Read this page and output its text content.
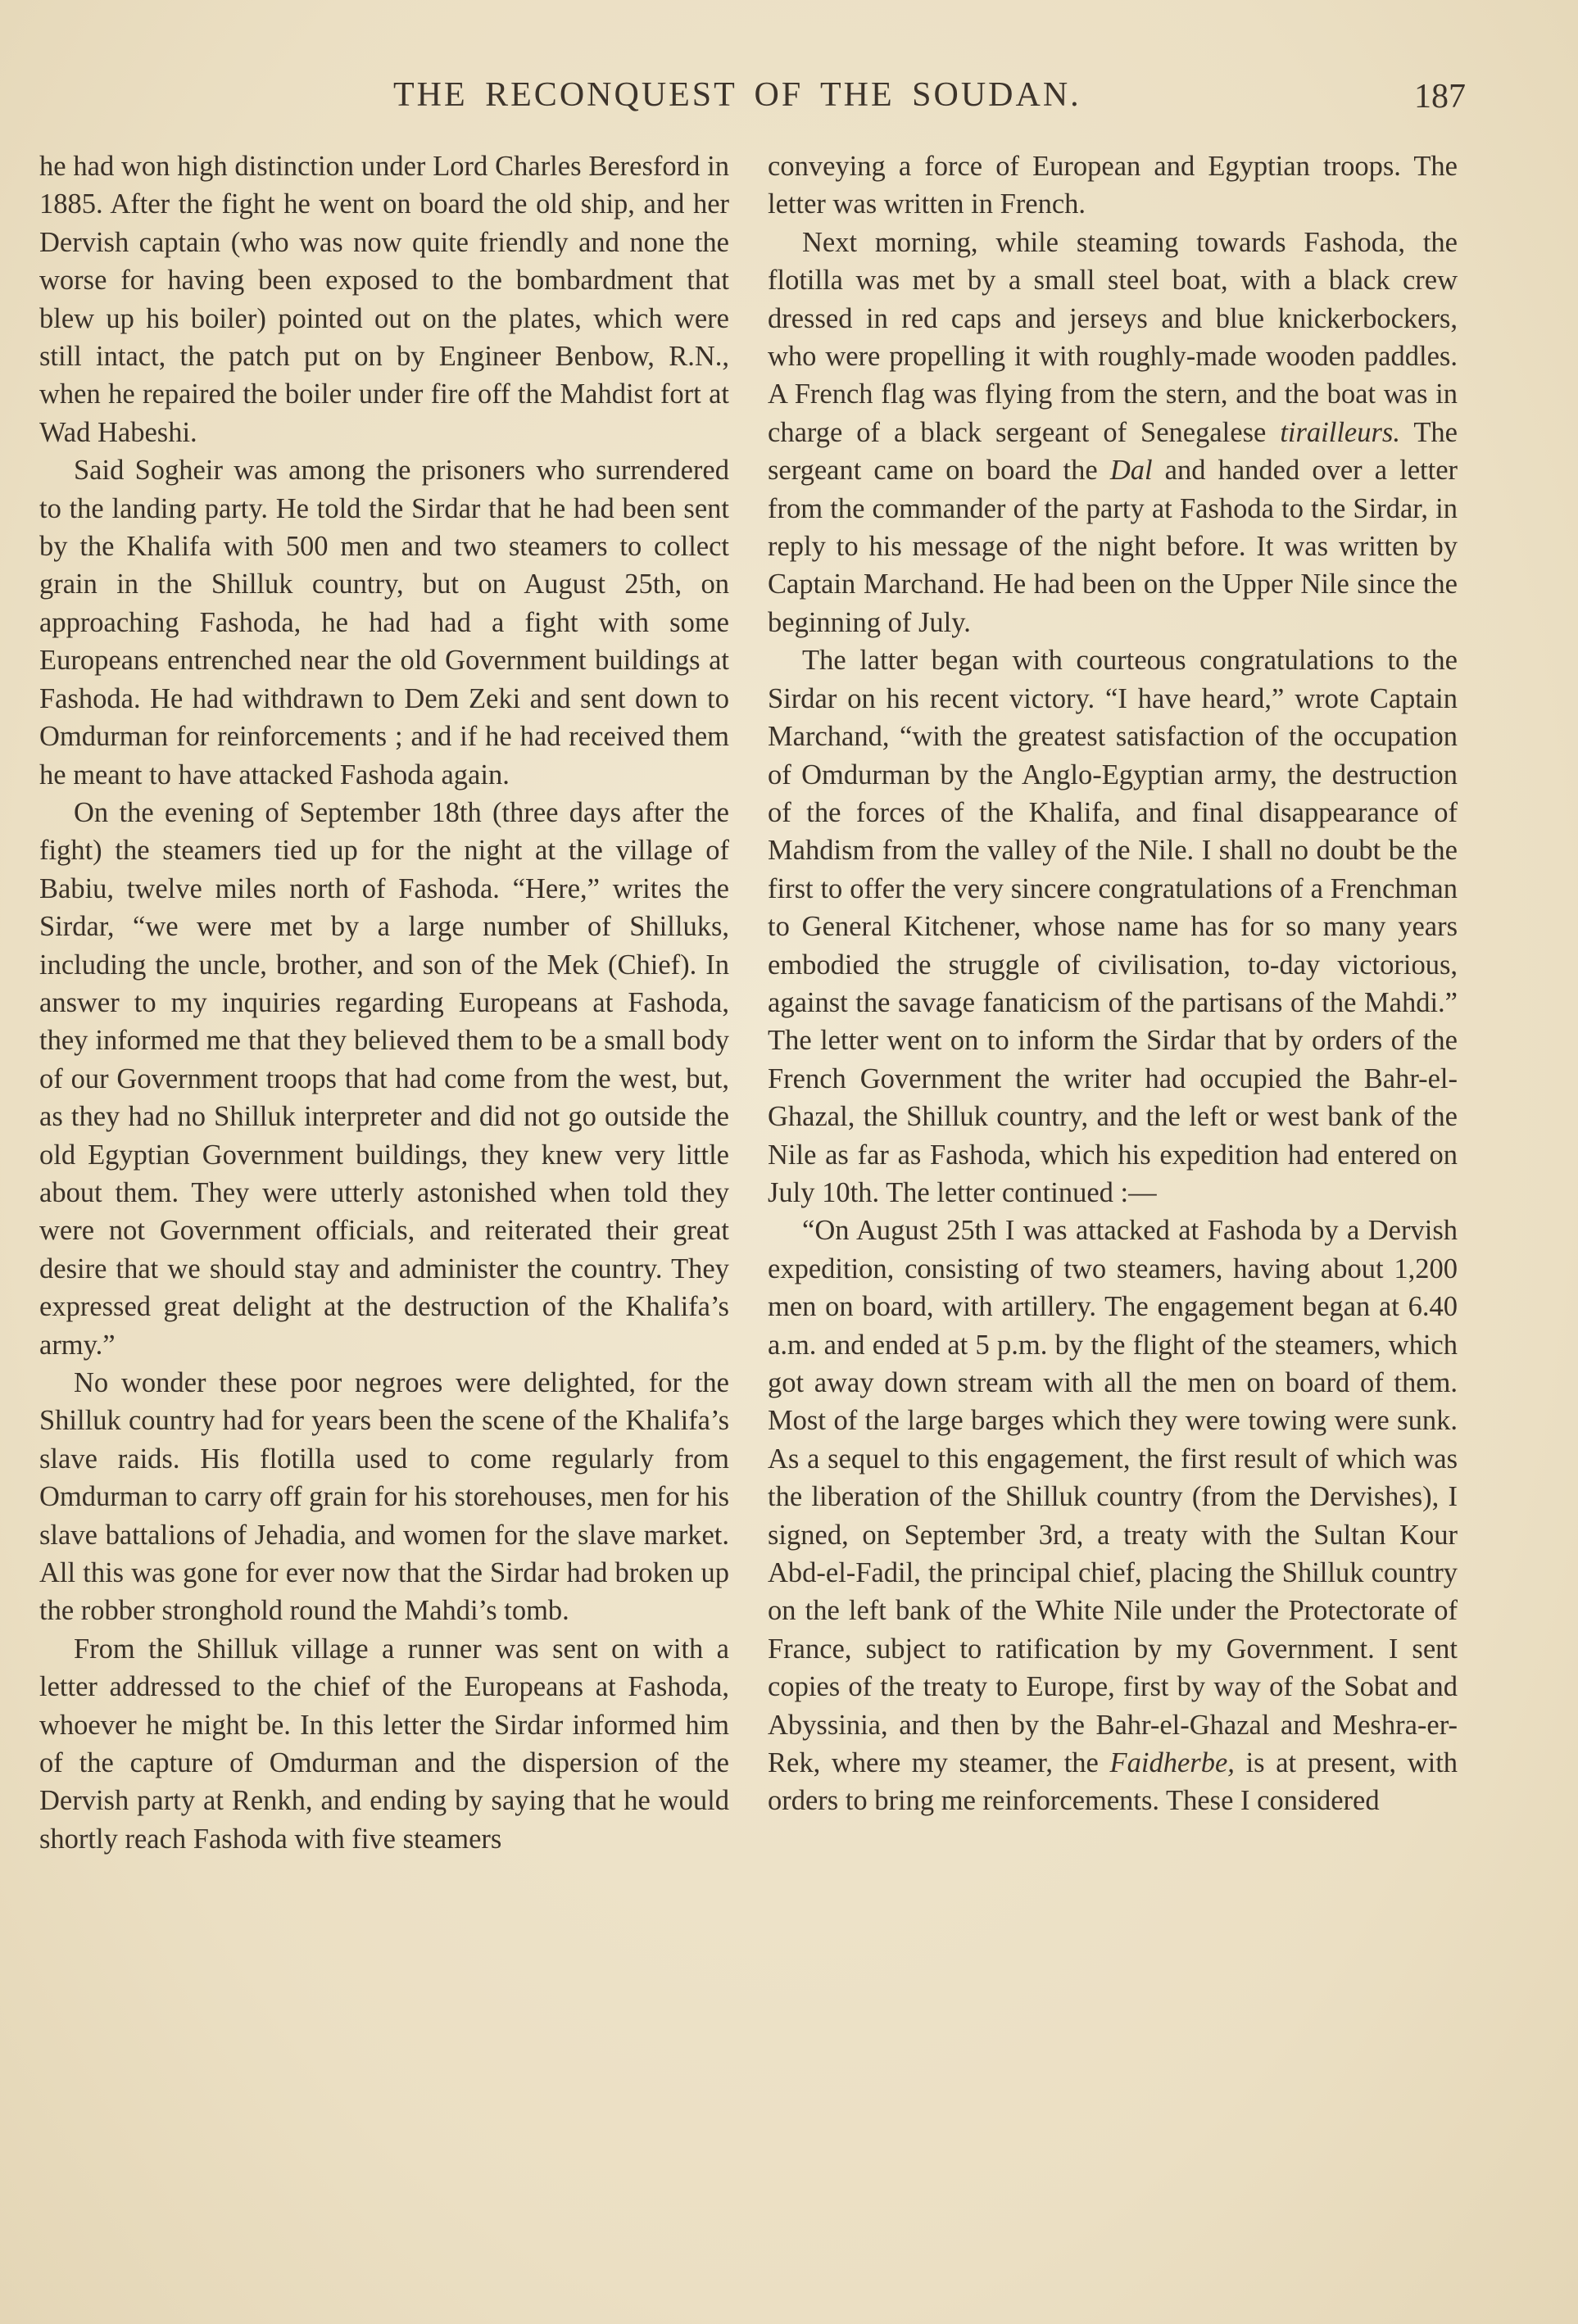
THE RECONQUEST OF THE SOUDAN.	187

he had won high distinction under Lord Charles Beresford in 1885. After the fight he went on board the old ship, and her Dervish captain (who was now quite friendly and none the worse for having been exposed to the bombardment that blew up his boiler) pointed out on the plates, which were still intact, the patch put on by Engineer Benbow, R.N., when he repaired the boiler under fire off the Mahdist fort at Wad Habeshi.

Said Sogheir was among the prisoners who surrendered to the landing party. He told the Sirdar that he had been sent by the Khalifa with 500 men and two steamers to collect grain in the Shilluk country, but on August 25th, on approaching Fashoda, he had had a fight with some Europeans entrenched near the old Government buildings at Fashoda. He had withdrawn to Dem Zeki and sent down to Omdurman for reinforcements ; and if he had received them he meant to have attacked Fashoda again.

On the evening of September 18th (three days after the fight) the steamers tied up for the night at the village of Babiu, twelve miles north of Fashoda. “Here,” writes the Sirdar, “we were met by a large number of Shilluks, including the uncle, brother, and son of the Mek (Chief). In answer to my inquiries regarding Europeans at Fashoda, they informed me that they believed them to be a small body of our Government troops that had come from the west, but, as they had no Shilluk interpreter and did not go outside the old Egyptian Government buildings, they knew very little about them. They were utterly astonished when told they were not Government officials, and reiterated their great desire that we should stay and administer the country. They expressed great delight at the destruction of the Khalifa’s army.”

No wonder these poor negroes were delighted, for the Shilluk country had for years been the scene of the Khalifa’s slave raids. His flotilla used to come regularly from Omdurman to carry off grain for his storehouses, men for his slave battalions of Jehadia, and women for the slave market. All this was gone for ever now that the Sirdar had broken up the robber stronghold round the Mahdi’s tomb.

From the Shilluk village a runner was sent on with a letter addressed to the chief of the Europeans at Fashoda, whoever he might be. In this letter the Sirdar informed him of the capture of Omdurman and the dispersion of the Dervish party at Renkh, and ending by saying that he would shortly reach Fashoda with five steamers

conveying a force of European and Egyptian troops. The letter was written in French.

Next morning, while steaming towards Fashoda, the flotilla was met by a small steel boat, with a black crew dressed in red caps and jerseys and blue knickerbockers, who were propelling it with roughly-made wooden paddles. A French flag was flying from the stern, and the boat was in charge of a black sergeant of Senegalese tirailleurs. The sergeant came on board the Dal and handed over a letter from the commander of the party at Fashoda to the Sirdar, in reply to his message of the night before. It was written by Captain Marchand. He had been on the Upper Nile since the beginning of July.

The latter began with courteous congratulations to the Sirdar on his recent victory. “I have heard,” wrote Captain Marchand, “with the greatest satisfaction of the occupation of Omdurman by the Anglo-Egyptian army, the destruction of the forces of the Khalifa, and final disappearance of Mahdism from the valley of the Nile. I shall no doubt be the first to offer the very sincere congratulations of a Frenchman to General Kitchener, whose name has for so many years embodied the struggle of civilisation, to-day victorious, against the savage fanaticism of the partisans of the Mahdi.” The letter went on to inform the Sirdar that by orders of the French Government the writer had occupied the Bahr-el-Ghazal, the Shilluk country, and the left or west bank of the Nile as far as Fashoda, which his expedition had entered on July 10th. The letter continued :—

“On August 25th I was attacked at Fashoda by a Dervish expedition, consisting of two steamers, having about 1,200 men on board, with artillery. The engagement began at 6.40 a.m. and ended at 5 p.m. by the flight of the steamers, which got away down stream with all the men on board of them. Most of the large barges which they were towing were sunk. As a sequel to this engagement, the first result of which was the liberation of the Shilluk country (from the Dervishes), I signed, on September 3rd, a treaty with the Sultan Kour Abd-el-Fadil, the principal chief, placing the Shilluk country on the left bank of the White Nile under the Protectorate of France, subject to ratification by my Government. I sent copies of the treaty to Europe, first by way of the Sobat and Abyssinia, and then by the Bahr-el-Ghazal and Meshra-er-Rek, where my steamer, the Faidherbe, is at present, with orders to bring me reinforcements. These I considered
